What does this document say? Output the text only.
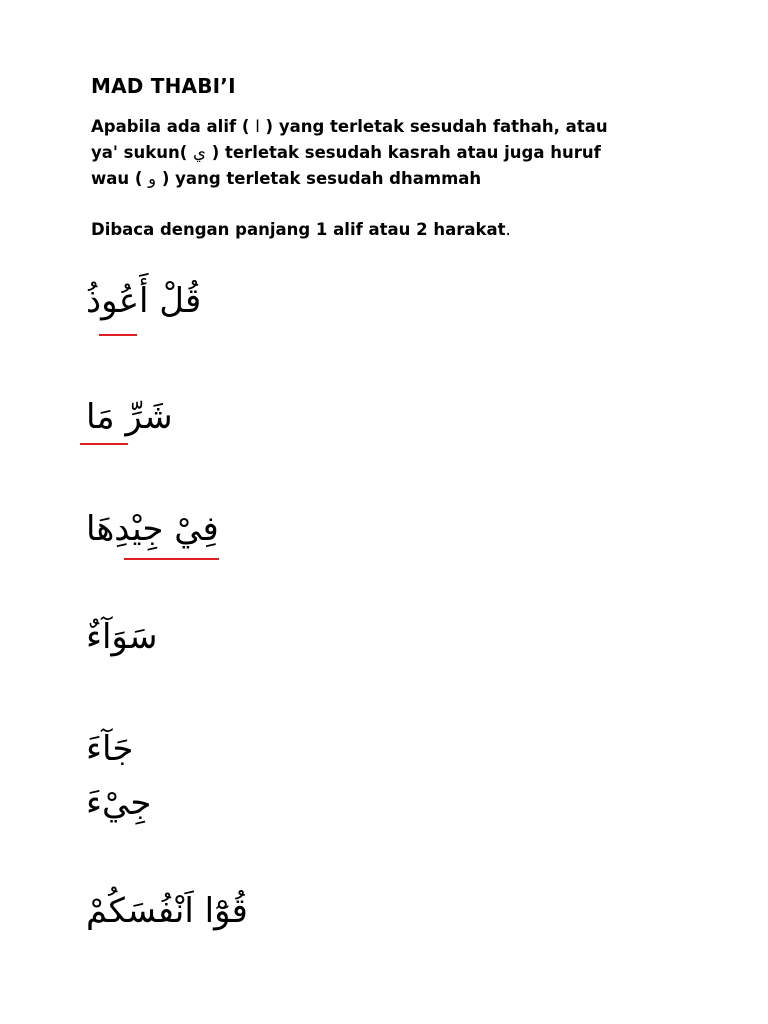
MAD THABI’I
Apabila ada alif ( ا ) yang terletak sesudah fathah, atau
ya' sukun( ي ) terletak sesudah kasrah atau juga huruf
wau ( و ) yang terletak sesudah dhammah
Dibaca dengan panjang 1 alif atau 2 harakat.
قُلْ أَعُوذُ
شَرِّ مَا
فِيْ جِيْدِهَا
سَوَآءٌ
جَآءَ
جِيْءَ
قُوْٓا اَنْفُسَكُمْ
